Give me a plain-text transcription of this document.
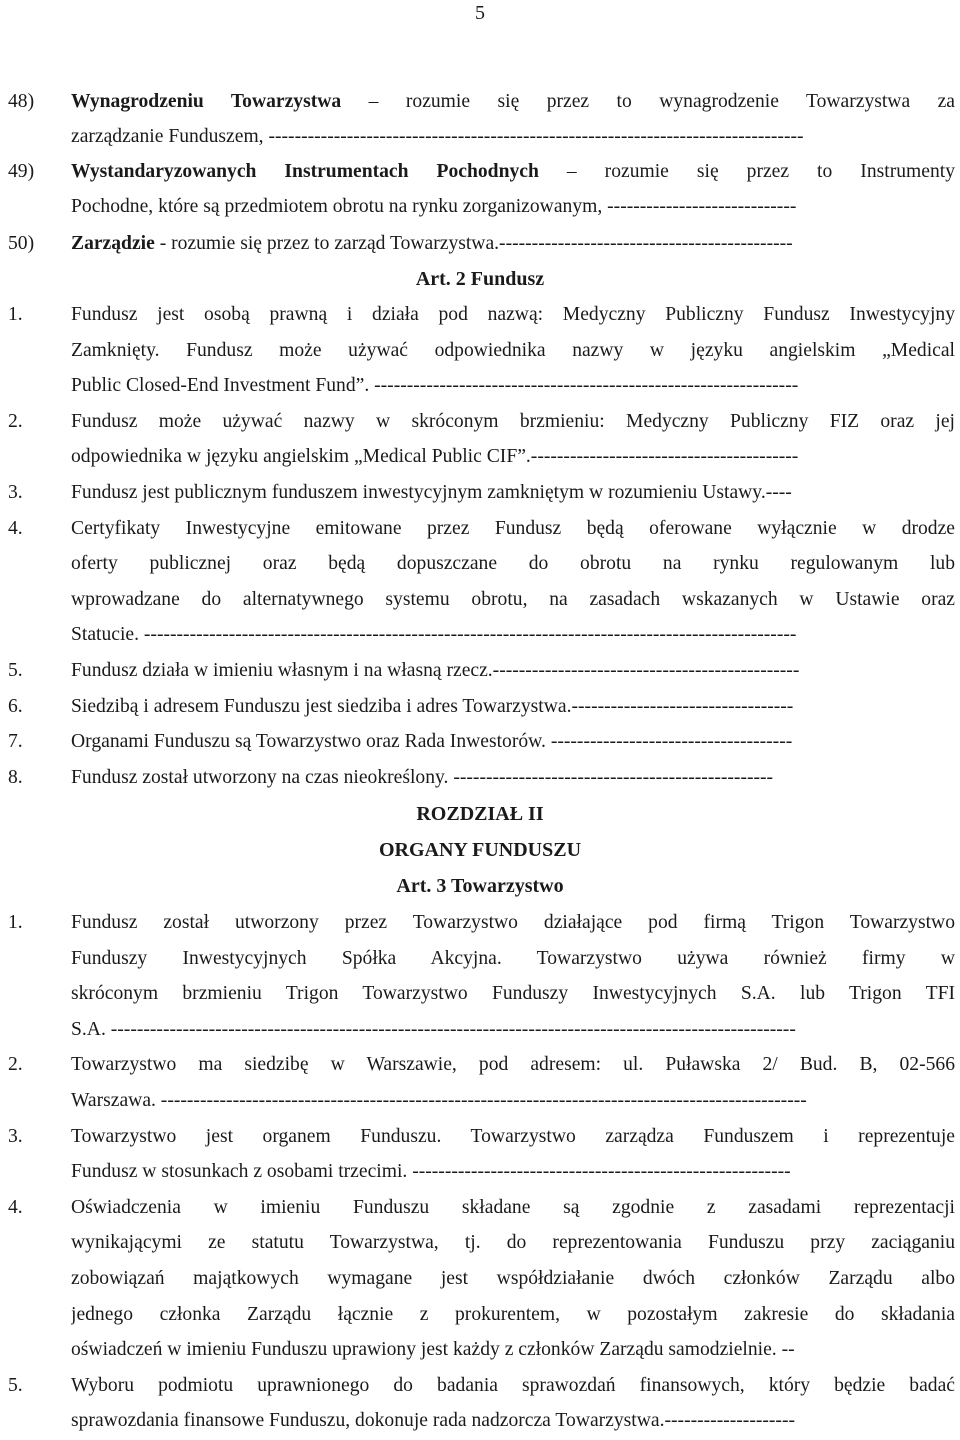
5
48)	Wynagrodzeniu Towarzystwa – rozumie się przez to wynagrodzenie Towarzystwa za
zarządzanie Funduszem, ----------------------------------------------------------------------------------
49)	Wystandaryzowanych Instrumentach Pochodnych – rozumie się przez to Instrumenty
Pochodne, które są przedmiotem obrotu na rynku zorganizowanym, -----------------------------
50)	Zarządzie - rozumie się przez to zarząd Towarzystwa.---------------------------------------------
Art. 2 Fundusz
1.	Fundusz jest osobą prawną i działa pod nazwą: Medyczny Publiczny Fundusz Inwestycyjny
Zamknięty. Fundusz może używać odpowiednika nazwy w języku angielskim „Medical
Public Closed-End Investment Fund”. -----------------------------------------------------------------
2.	Fundusz może używać nazwy w skróconym brzmieniu: Medyczny Publiczny FIZ oraz jej
odpowiednika w języku angielskim „Medical Public CIF”.-----------------------------------------
3.	Fundusz jest publicznym funduszem inwestycyjnym zamkniętym w rozumieniu Ustawy.----
4.	Certyfikaty Inwestycyjne emitowane przez Fundusz będą oferowane wyłącznie w drodze
oferty publicznej oraz będą dopuszczane do obrotu na rynku regulowanym lub
wprowadzane do alternatywnego systemu obrotu, na zasadach wskazanych w Ustawie oraz
Statucie. ----------------------------------------------------------------------------------------------------
5.	Fundusz działa w imieniu własnym i na własną rzecz.-----------------------------------------------
6.	Siedzibą i adresem Funduszu jest siedziba i adres Towarzystwa.----------------------------------
7.	Organami Funduszu są Towarzystwo oraz Rada Inwestorów. -------------------------------------
8.	Fundusz został utworzony na czas nieokreślony. -------------------------------------------------
ROZDZIAŁ II
ORGANY FUNDUSZU
Art. 3 Towarzystwo
1.	Fundusz został utworzony przez Towarzystwo działające pod firmą Trigon Towarzystwo
Funduszy Inwestycyjnych Spółka Akcyjna. Towarzystwo używa również firmy w
skróconym brzmieniu Trigon Towarzystwo Funduszy Inwestycyjnych S.A. lub Trigon TFI
S.A. ---------------------------------------------------------------------------------------------------------
2.	Towarzystwo ma siedzibę w Warszawie, pod adresem: ul. Puławska 2/ Bud. B, 02-566
Warszawa. ---------------------------------------------------------------------------------------------------
3.	Towarzystwo jest organem Funduszu. Towarzystwo zarządza Funduszem i reprezentuje
Fundusz w stosunkach z osobami trzecimi. ----------------------------------------------------------
4.	Oświadczenia w imieniu Funduszu składane są zgodnie z zasadami reprezentacji
wynikającymi ze statutu Towarzystwa, tj. do reprezentowania Funduszu przy zaciąganiu
zobowiązań majątkowych wymagane jest współdziałanie dwóch członków Zarządu albo
jednego członka Zarządu łącznie z prokurentem, w pozostałym zakresie do składania
oświadczeń w imieniu Funduszu uprawiony jest każdy z członków Zarządu samodzielnie. --
5.	Wyboru podmiotu uprawnionego do badania sprawozdań finansowych, który będzie badać
sprawozdania finansowe Funduszu, dokonuje rada nadzorcza Towarzystwa.--------------------
